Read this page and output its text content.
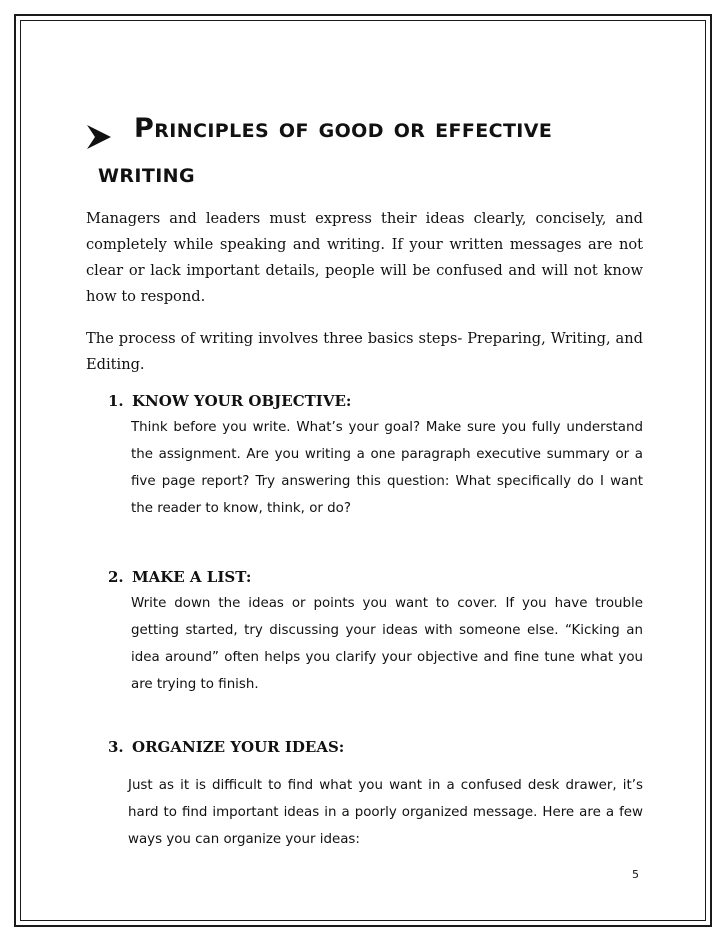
Principles of good or effective
writing
Managers and leaders must express their ideas clearly, concisely, and completely while speaking and writing. If your written messages are not clear or lack important details, people will be confused and will not know how to respond.
The process of writing involves three basics steps- Preparing, Writing, and Editing.
1. KNOW YOUR OBJECTIVE:
Think before you write. What’s your goal? Make sure you fully understand the assignment. Are you writing a one paragraph executive summary or a five page report? Try answering this question: What specifically do I want the reader to know, think, or do?
2. MAKE A LIST:
Write down the ideas or points you want to cover. If you have trouble getting started, try discussing your ideas with someone else. “Kicking an idea around” often helps you clarify your objective and fine tune what you are trying to finish.
3. ORGANIZE YOUR IDEAS:
Just as it is difficult to find what you want in a confused desk drawer, it’s hard to find important ideas in a poorly organized message. Here are a few ways you can organize your ideas:
5
